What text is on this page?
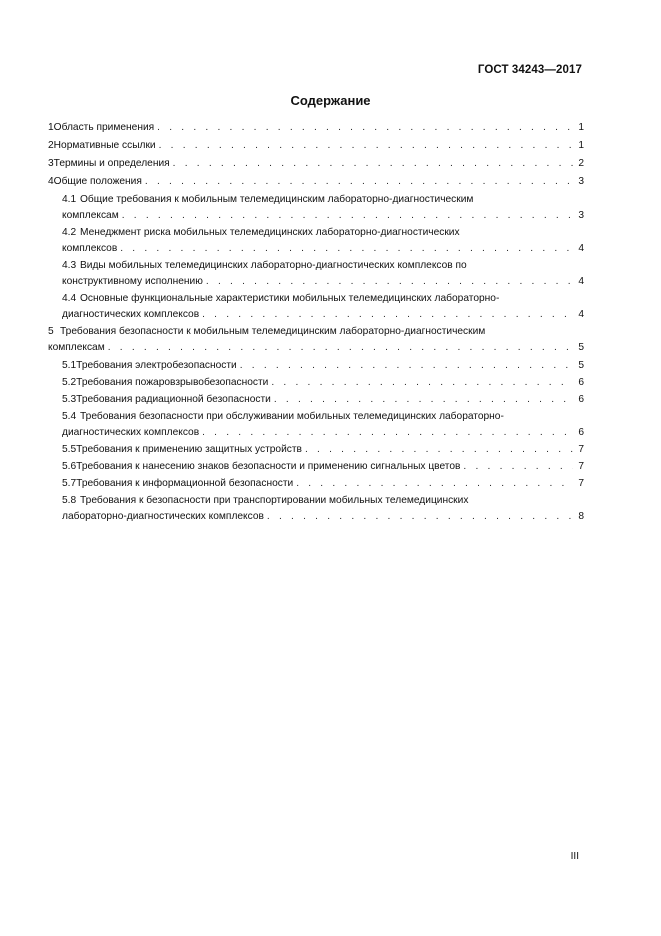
ГОСТ 34243—2017
Содержание
1 Область применения . . .	1
2 Нормативные ссылки . . .	1
3 Термины и определения . . .	2
4 Общие положения . . .	3
4.1 Общие требования к мобильным телемедицинским лабораторно-диагностическим
комплексам . . .	3
4.2 Менеджмент риска мобильных телемедицинских лабораторно-диагностических
комплексов . . .	4
4.3 Виды мобильных телемедицинских лабораторно-диагностических комплексов по
конструктивному исполнению . . .	4
4.4 Основные функциональные характеристики мобильных телемедицинских лабораторно-
диагностических комплексов . . .	4
5 Требования безопасности к мобильным телемедицинским лабораторно-диагностическим
комплексам . . .	5
5.1 Требования электробезопасности . . .	5
5.2 Требования пожаровзрывобезопасности . . .	6
5.3 Требования радиационной безопасности . . .	6
5.4 Требования безопасности при обслуживании мобильных телемедицинских лабораторно-
диагностических комплексов . . .	6
5.5 Требования к применению защитных устройств . . .	7
5.6 Требования к нанесению знаков безопасности и применению сигнальных цветов . . .	7
5.7 Требования к информационной безопасности . . .	7
5.8 Требования к безопасности при транспортировании мобильных телемедицинских
лабораторно-диагностических комплексов . . .	8
III
